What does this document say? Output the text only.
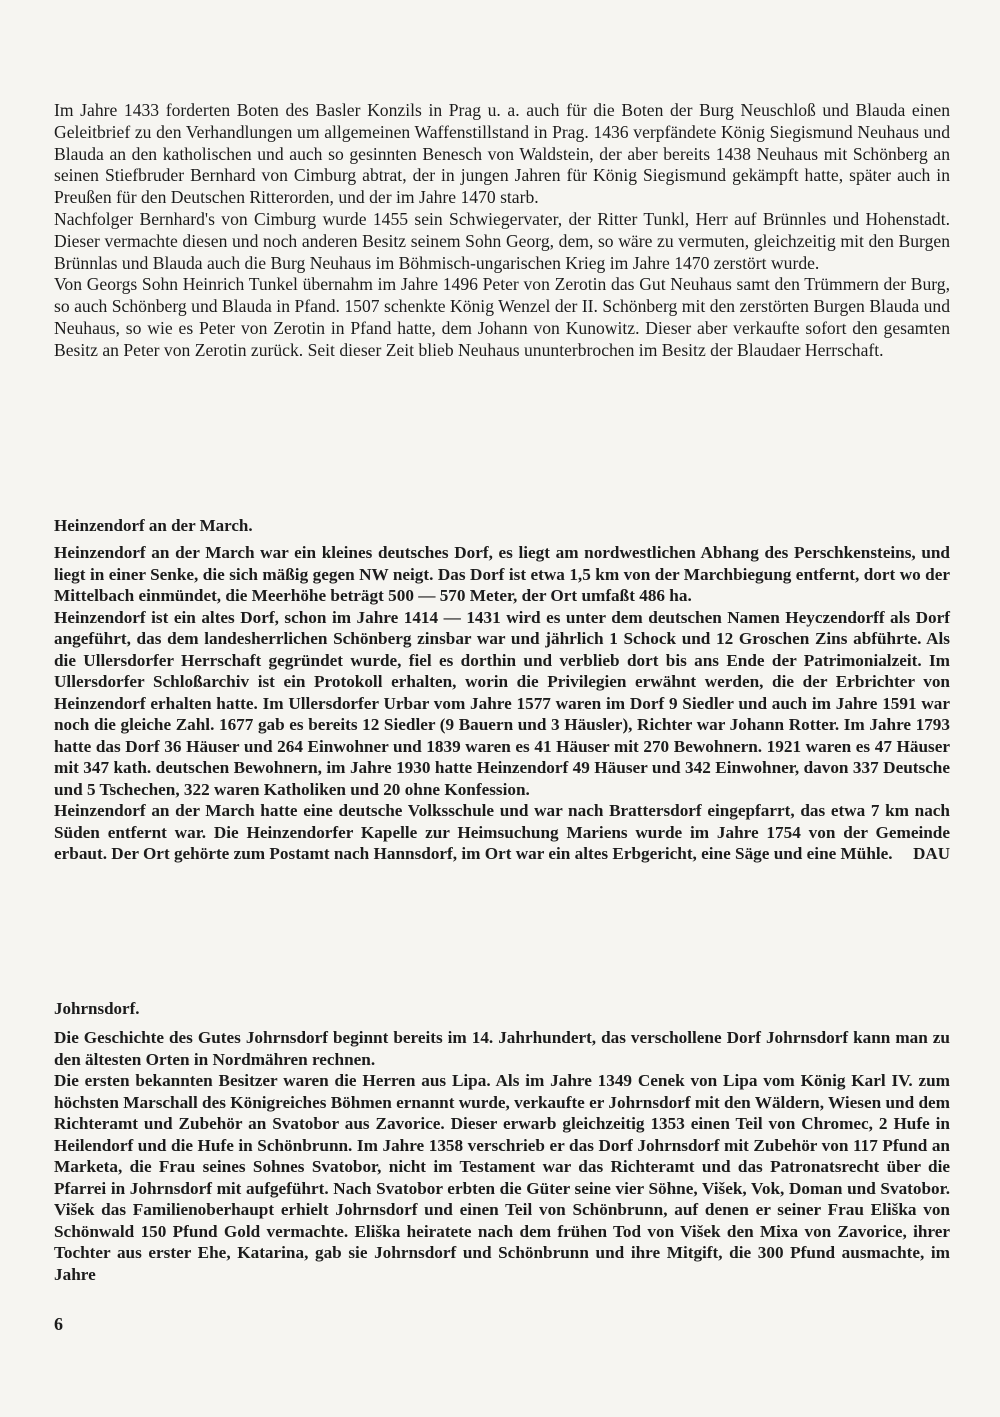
Im Jahre 1433 forderten Boten des Basler Konzils in Prag u. a. auch für die Boten der Burg Neuschloß und Blauda einen Geleitbrief zu den Verhandlungen um allgemeinen Waffenstillstand in Prag. 1436 verpfändete König Siegismund Neuhaus und Blauda an den katholischen und auch so gesinnten Benesch von Waldstein, der aber bereits 1438 Neuhaus mit Schönberg an seinen Stiefbruder Bernhard von Cimburg abtrat, der in jungen Jahren für König Siegismund gekämpft hatte, später auch in Preußen für den Deutschen Ritterorden, und der im Jahre 1470 starb.

Nachfolger Bernhard's von Cimburg wurde 1455 sein Schwiegervater, der Ritter Tunkl, Herr auf Brünnles und Hohenstadt. Dieser vermachte diesen und noch anderen Besitz seinem Sohn Georg, dem, so wäre zu vermuten, gleichzeitig mit den Burgen Brünnlas und Blauda auch die Burg Neuhaus im Böhmisch-ungarischen Krieg im Jahre 1470 zerstört wurde.

Von Georgs Sohn Heinrich Tunkel übernahm im Jahre 1496 Peter von Zerotin das Gut Neuhaus samt den Trümmern der Burg, so auch Schönberg und Blauda in Pfand. 1507 schenkte König Wenzel der II. Schönberg mit den zerstörten Burgen Blauda und Neuhaus, so wie es Peter von Zerotin in Pfand hatte, dem Johann von Kunowitz. Dieser aber verkaufte sofort den gesamten Besitz an Peter von Zerotin zurück. Seit dieser Zeit blieb Neuhaus ununterbrochen im Besitz der Blaudaer Herrschaft.

Heinzendorf an der March.

Heinzendorf an der March war ein kleines deutsches Dorf, es liegt am nordwestlichen Abhang des Perschkensteins, und liegt in einer Senke, die sich mäßig gegen NW neigt. Das Dorf ist etwa 1,5 km von der Marchbiegung entfernt, dort wo der Mittelbach einmündet, die Meerhöhe beträgt 500 — 570 Meter, der Ort umfaßt 486 ha.

Heinzendorf ist ein altes Dorf, schon im Jahre 1414 — 1431 wird es unter dem deutschen Namen Heyczendorff als Dorf angeführt, das dem landesherrlichen Schönberg zinsbar war und jährlich 1 Schock und 12 Groschen Zins abführte. Als die Ullersdorfer Herrschaft gegründet wurde, fiel es dorthin und verblieb dort bis ans Ende der Patrimonialzeit. Im Ullersdorfer Schloßarchiv ist ein Protokoll erhalten, worin die Privilegien erwähnt werden, die der Erbrichter von Heinzendorf erhalten hatte. Im Ullersdorfer Urbar vom Jahre 1577 waren im Dorf 9 Siedler und auch im Jahre 1591 war noch die gleiche Zahl. 1677 gab es bereits 12 Siedler (9 Bauern und 3 Häusler), Richter war Johann Rotter. Im Jahre 1793 hatte das Dorf 36 Häuser und 264 Einwohner und 1839 waren es 41 Häuser mit 270 Bewohnern. 1921 waren es 47 Häuser mit 347 kath. deutschen Bewohnern, im Jahre 1930 hatte Heinzendorf 49 Häuser und 342 Einwohner, davon 337 Deutsche und 5 Tschechen, 322 waren Katholiken und 20 ohne Konfession.

Heinzendorf an der March hatte eine deutsche Volksschule und war nach Brattersdorf eingepfarrt, das etwa 7 km nach Süden entfernt war. Die Heinzendorfer Kapelle zur Heimsuchung Mariens wurde im Jahre 1754 von der Gemeinde erbaut. Der Ort gehörte zum Postamt nach Hannsdorf, im Ort war ein altes Erbgericht, eine Säge und eine Mühle.	DAU
Johrnsdorf.

Die Geschichte des Gutes Johrnsdorf beginnt bereits im 14. Jahrhundert, das verschollene Dorf Johrnsdorf kann man zu den ältesten Orten in Nordmähren rechnen.

Die ersten bekannten Besitzer waren die Herren aus Lipa. Als im Jahre 1349 Cenek von Lipa vom König Karl IV. zum höchsten Marschall des Königreiches Böhmen ernannt wurde, verkaufte er Johrnsdorf mit den Wäldern, Wiesen und dem Richteramt und Zubehör an Svatobor aus Zavorice. Dieser erwarb gleichzeitig 1353 einen Teil von Chromec, 2 Hufe in Heilendorf und die Hufe in Schönbrunn. Im Jahre 1358 verschrieb er das Dorf Johrnsdorf mit Zubehör von 117 Pfund an Marketa, die Frau seines Sohnes Svatobor, nicht im Testament war das Richteramt und das Patronatsrecht über die Pfarrei in Johrnsdorf mit aufgeführt. Nach Svatobor erbten die Güter seine vier Söhne, Višek, Vok, Doman und Svatobor. Višek das Familienoberhaupt erhielt Johrnsdorf und einen Teil von Schönbrunn, auf denen er seiner Frau Eliška von Schönwald 150 Pfund Gold vermachte. Eliška heiratete nach dem frühen Tod von Višek den Mixa von Zavorice, ihrer Tochter aus erster Ehe, Katarina, gab sie Johrnsdorf und Schönbrunn und ihre Mitgift, die 300 Pfund ausmachte, im Jahre

6
